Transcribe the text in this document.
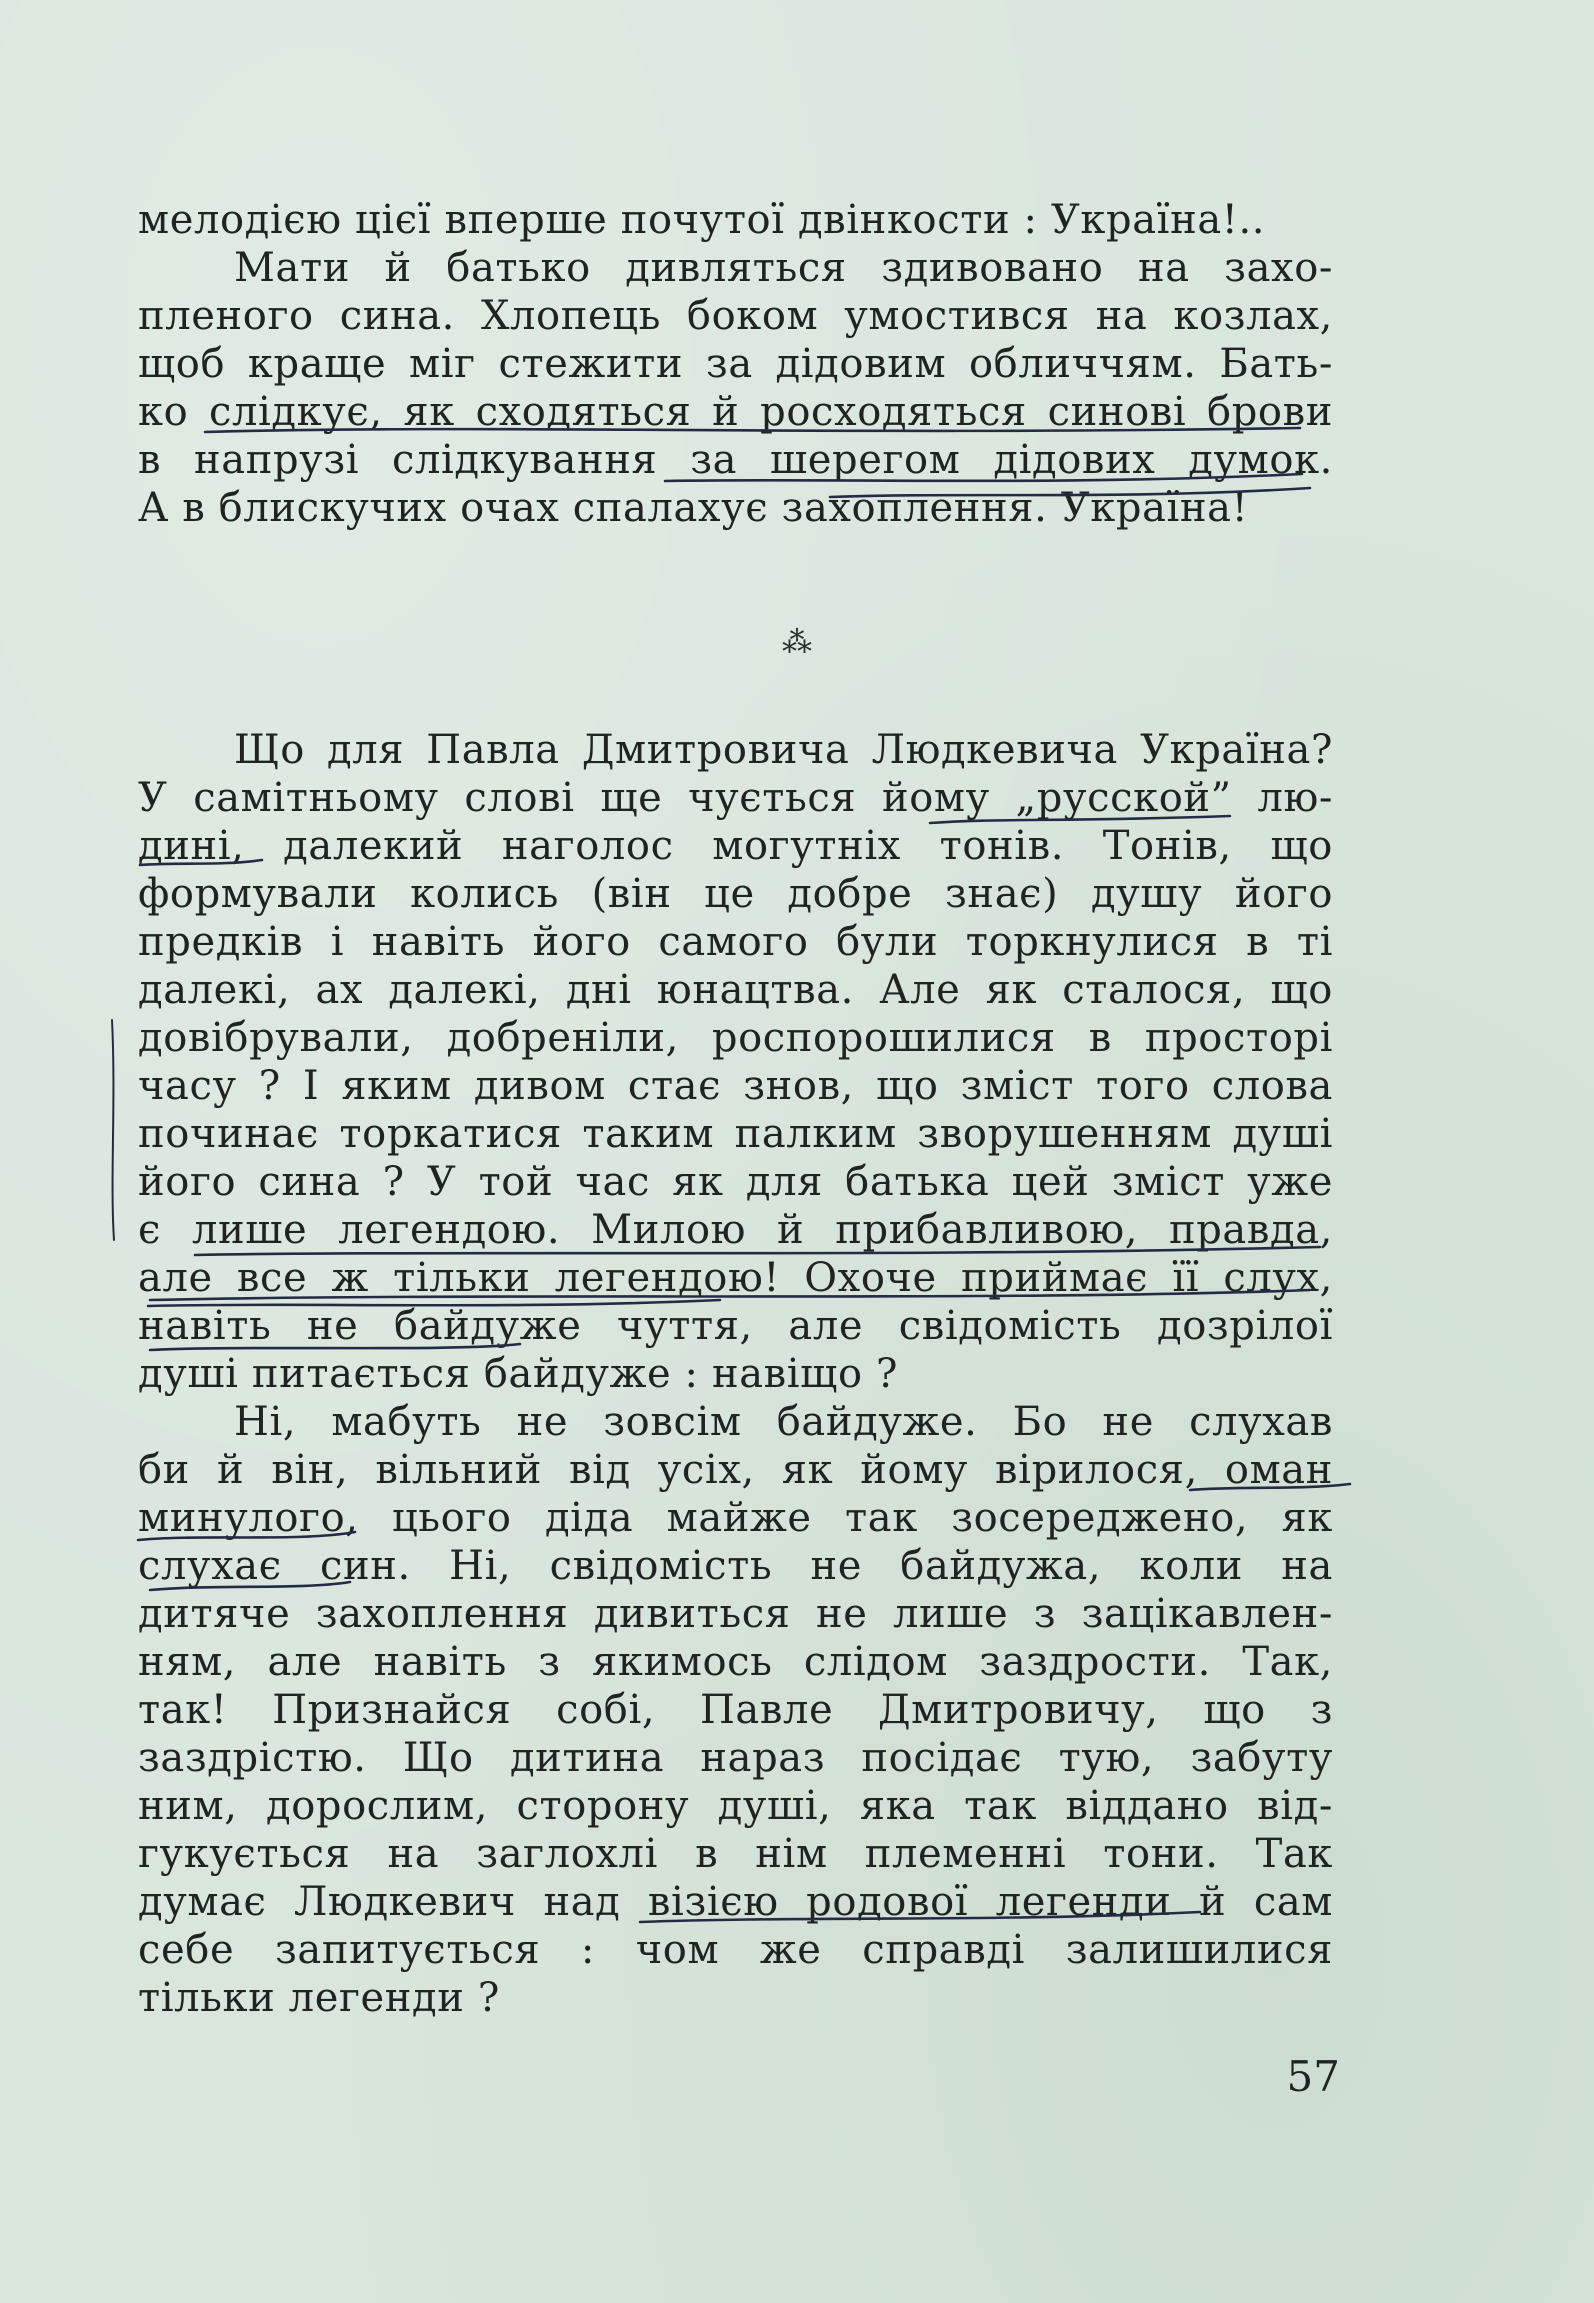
мелодією цієї вперше почутої двінкости : Україна!..
Мати й батько дивляться здивовано на захо-
пленого сина. Хлопець боком умостився на козлах,
щоб краще міг стежити за дідовим обличчям. Бать-
ко слідкує, як сходяться й росходяться синові брови
в напрузі слідкування за шерегом дідових думок.
А в блискучих очах спалахує захоплення. Україна!
⁂
Що для Павла Дмитровича Людкевича Україна?
У самітньому слові ще чується йому „русской” лю-
дині, далекий наголос могутніх тонів. Тонів, що
формували колись (він це добре знає) душу його
предків і навіть його самого були торкнулися в ті
далекі, ах далекі, дні юнацтва. Але як сталося, що
довібрували, добреніли, роспорошилися в просторі
часу ? І яким дивом стає знов, що зміст того слова
починає торкатися таким палким зворушенням душі
його сина ? У той час як для батька цей зміст уже
є лише легендою. Милою й прибавливою, правда,
але все ж тільки легендою! Охоче приймає її слух,
навіть не байдуже чуття, але свідомість дозрілої
душі питається байдуже : навіщо ?
Ні, мабуть не зовсім байдуже. Бо не слухав
би й він, вільний від усіх, як йому вірилося, оман
минулого, цього діда майже так зосереджено, як
слухає син. Ні, свідомість не байдужа, коли на
дитяче захоплення дивиться не лише з зацікавлен-
ням, але навіть з якимось слідом заздрости. Так,
так! Признайся собі, Павле Дмитровичу, що з
заздрістю. Що дитина нараз посідає тую, забуту
ним, дорослим, сторону душі, яка так віддано від-
гукується на заглохлі в нім племенні тони. Так
думає Людкевич над візією родової легенди й сам
себе запитується : чом же справді залишилися
тільки легенди ?
57
